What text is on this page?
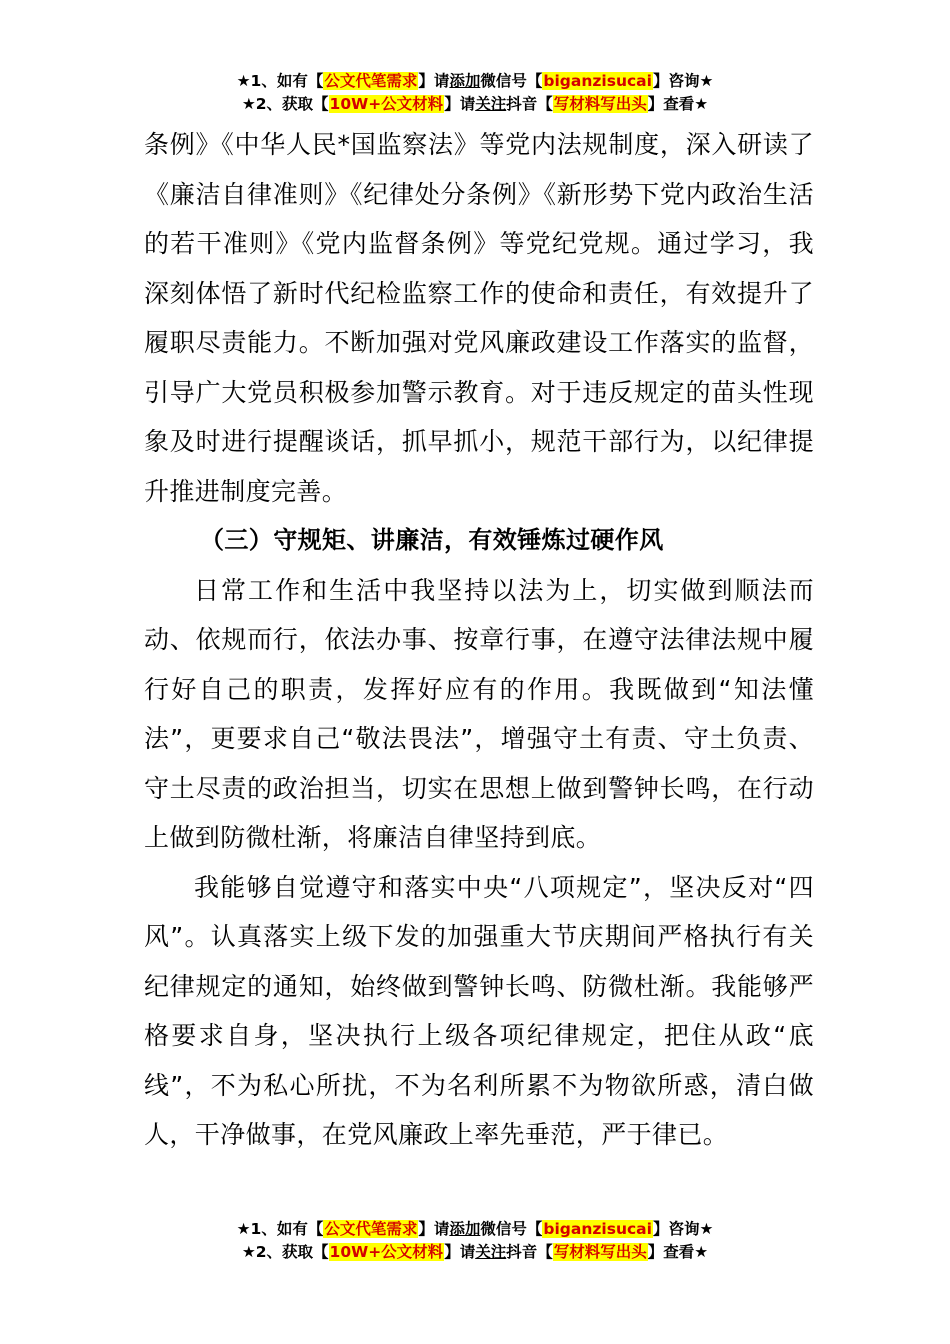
★1、如有【公文代笔需求】请添加微信号【biganzisucai】咨询★
★2、获取【10W+公文材料】请关注抖音【写材料写出头】查看★

条例》《中华人民*国监察法》等党内法规制度，深入研读了《廉洁自律准则》《纪律处分条例》《新形势下党内政治生活的若干准则》《党内监督条例》等党纪党规。通过学习，我深刻体悟了新时代纪检监察工作的使命和责任，有效提升了履职尽责能力。不断加强对党风廉政建设工作落实的监督，引导广大党员积极参加警示教育。对于违反规定的苗头性现象及时进行提醒谈话，抓早抓小，规范干部行为，以纪律提升推进制度完善。

（三）守规矩、讲廉洁，有效锤炼过硬作风

日常工作和生活中我坚持以法为上，切实做到顺法而动、依规而行，依法办事、按章行事，在遵守法律法规中履行好自己的职责，发挥好应有的作用。我既做到“知法懂法”，更要求自己“敬法畏法”，增强守土有责、守土负责、守土尽责的政治担当，切实在思想上做到警钟长鸣，在行动上做到防微杜渐，将廉洁自律坚持到底。

我能够自觉遵守和落实中央“八项规定”，坚决反对“四风”。认真落实上级下发的加强重大节庆期间严格执行有关纪律规定的通知，始终做到警钟长鸣、防微杜渐。我能够严格要求自身，坚决执行上级各项纪律规定，把住从政“底线”，不为私心所扰，不为名利所累不为物欲所惑，清白做人，干净做事，在党风廉政上率先垂范，严于律已。

★1、如有【公文代笔需求】请添加微信号【biganzisucai】咨询★
★2、获取【10W+公文材料】请关注抖音【写材料写出头】查看★
